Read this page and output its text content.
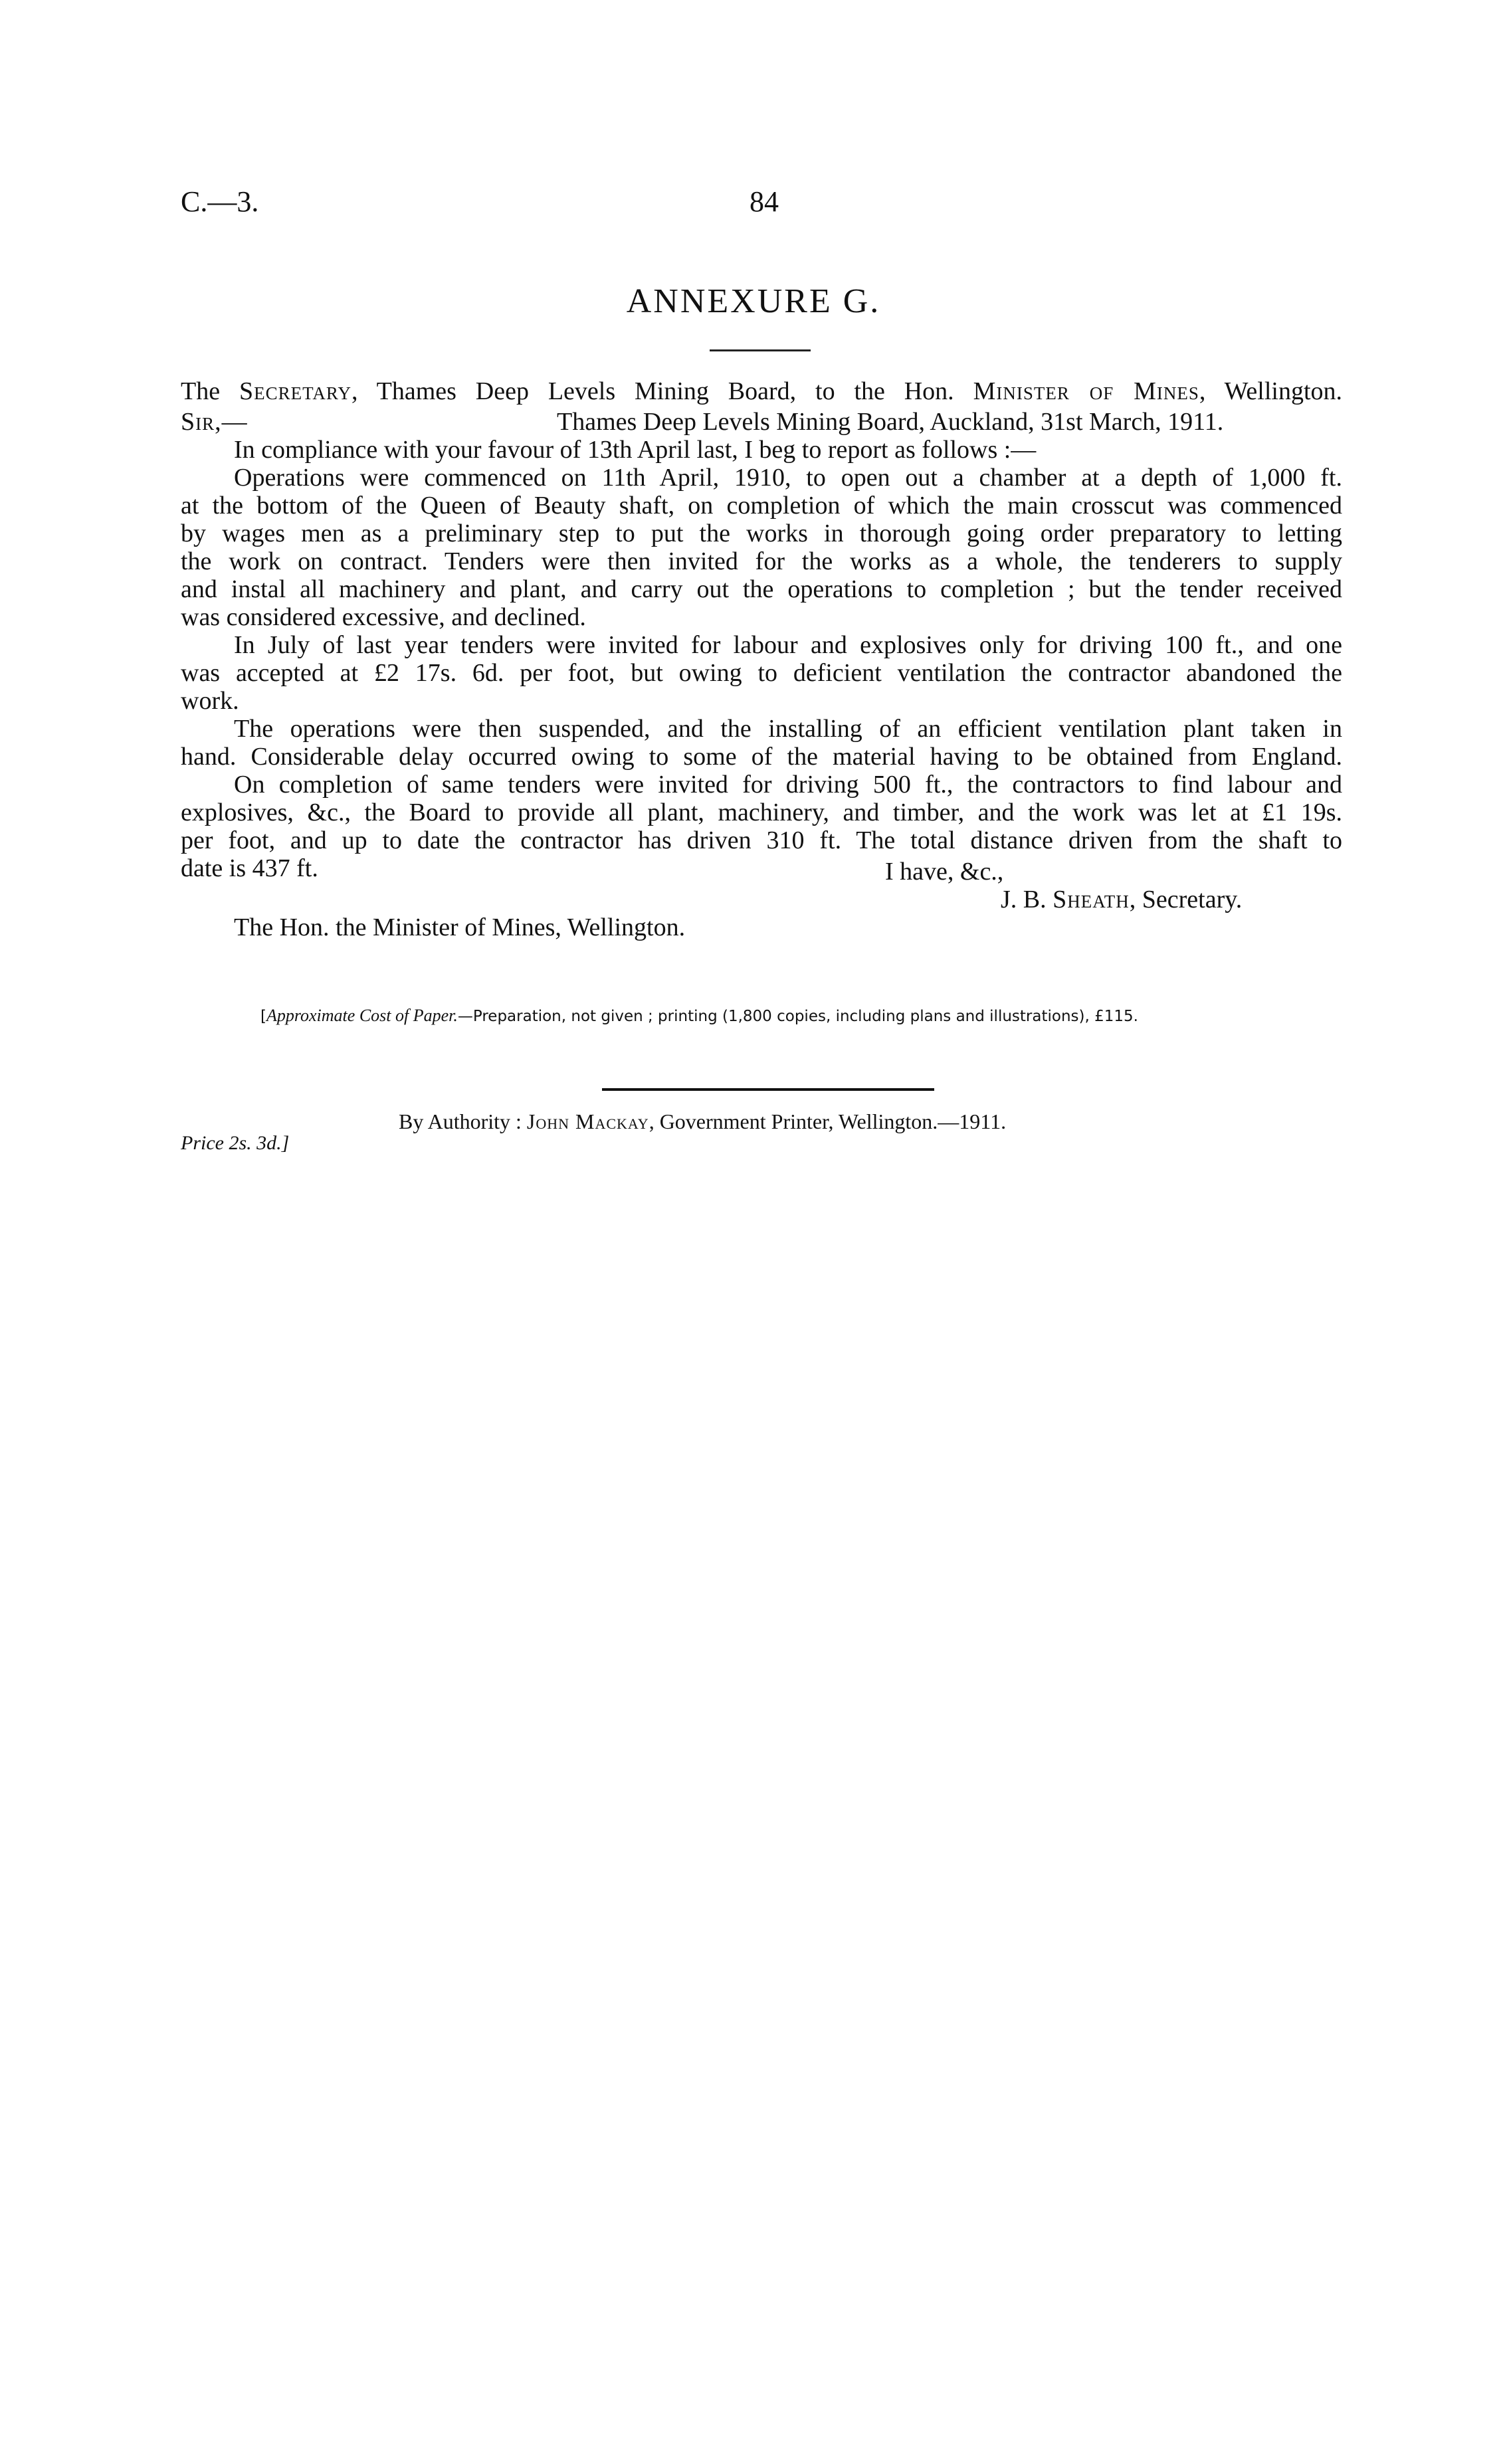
C.—3.	84
ANNEXURE G.
The Secretary, Thames Deep Levels Mining Board, to the Hon. Minister of Mines, Wellington.
Sir,—	Thames Deep Levels Mining Board, Auckland, 31st March, 1911.
In compliance with your favour of 13th April last, I beg to report as follows :—
Operations were commenced on 11th April, 1910, to open out a chamber at a depth of 1,000 ft.
at the bottom of the Queen of Beauty shaft, on completion of which the main crosscut was commenced
by wages men as a preliminary step to put the works in thorough going order preparatory to letting
the work on contract. Tenders were then invited for the works as a whole, the tenderers to supply
and instal all machinery and plant, and carry out the operations to completion ; but the tender received
was considered excessive, and declined.
In July of last year tenders were invited for labour and explosives only for driving 100 ft., and one
was accepted at £2 17s. 6d. per foot, but owing to deficient ventilation the contractor abandoned the
work.
The operations were then suspended, and the installing of an efficient ventilation plant taken in
hand. Considerable delay occurred owing to some of the material having to be obtained from England.
On completion of same tenders were invited for driving 500 ft., the contractors to find labour and
explosives, &c., the Board to provide all plant, machinery, and timber, and the work was let at £1 19s.
per foot, and up to date the contractor has driven 310 ft. The total distance driven from the shaft to
date is 437 ft.	I have, &c.,
J. B. Sheath, Secretary.
The Hon. the Minister of Mines, Wellington.
[Approximate Cost of Paper.—Preparation, not given ; printing (1,800 copies, including plans and illustrations), £115.
By Authority : John Mackay, Government Printer, Wellington.—1911.
Price 2s. 3d.]
